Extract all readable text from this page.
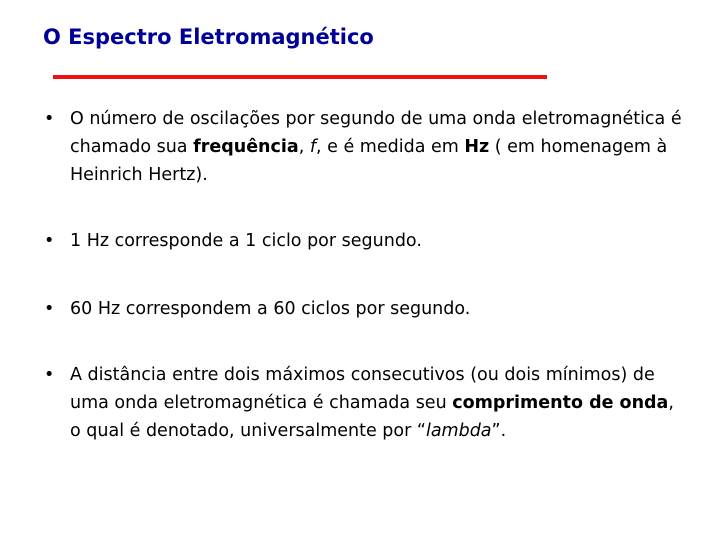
O Espectro Eletromagnético
• O número de oscilações por segundo de uma onda eletromagnética é chamado sua frequência, f, e é medida em Hz ( em homenagem à Heinrich Hertz).
• 1 Hz corresponde a 1 ciclo por segundo.
• 60 Hz correspondem a 60 ciclos por segundo.
• A distância entre dois máximos consecutivos (ou dois mínimos) de uma onda eletromagnética é chamada seu comprimento de onda, o qual é denotado, universalmente por “lambda”.
